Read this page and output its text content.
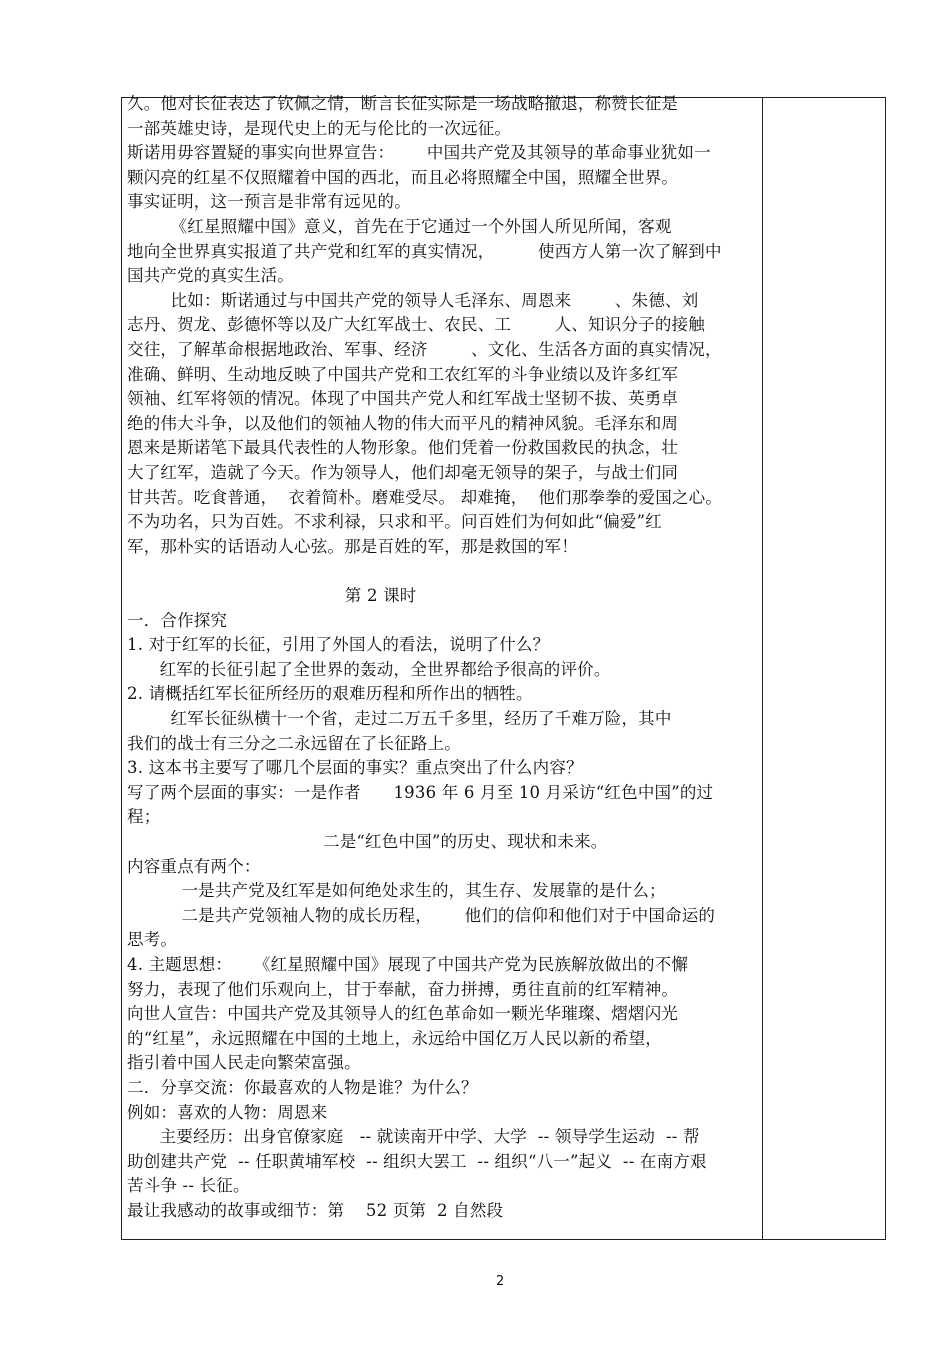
久。他对长征表达了钦佩之情，断言长征实际是一场战略撤退，称赞长征是
一部英雄史诗，是现代史上的无与伦比的一次远征。
斯诺用毋容置疑的事实向世界宣告：      中国共产党及其领导的革命事业犹如一
颗闪亮的红星不仅照耀着中国的西北，而且必将照耀全中国，照耀全世界。
事实证明，这一预言是非常有远见的。
《红星照耀中国》意义，首先在于它通过一个外国人所见所闻，客观
地向全世界真实报道了共产党和红军的真实情况，        使西方人第一次了解到中
国共产党的真实生活。
比如：斯诺通过与中国共产党的领导人毛泽东、周恩来        、朱德、刘
志丹、贺龙、彭德怀等以及广大红军战士、农民、工        人、知识分子的接触
交往，了解革命根据地政治、军事、经济        、文化、生活各方面的真实情况，
准确、鲜明、生动地反映了中国共产党和工农红军的斗争业绩以及许多红军
领袖、红军将领的情况。体现了中国共产党人和红军战士坚韧不拔、英勇卓
绝的伟大斗争，以及他们的领袖人物的伟大而平凡的精神风貌。毛泽东和周
恩来是斯诺笔下最具代表性的人物形象。他们凭着一份救国救民的执念，壮
大了红军，造就了今天。作为领导人，他们却毫无领导的架子，与战士们同
甘共苦。吃食普通，  衣着简朴。磨难受尽。 却难掩，  他们那拳拳的爱国之心。
不为功名，只为百姓。不求利禄，只求和平。问百姓们为何如此“偏爱”红
军，那朴实的话语动人心弦。那是百姓的军，那是救国的军！
第 2 课时
一．合作探究
1. 对于红军的长征，引用了外国人的看法，说明了什么？
红军的长征引起了全世界的轰动，全世界都给予很高的评价。
2. 请概括红军长征所经历的艰难历程和所作出的牺牲。
红军长征纵横十一个省，走过二万五千多里，经历了千难万险，其中
我们的战士有三分之二永远留在了长征路上。
3. 这本书主要写了哪几个层面的事实？重点突出了什么内容？
写了两个层面的事实：一是作者      1936 年 6 月至 10 月采访“红色中国”的过
程；
二是“红色中国”的历史、现状和未来。
内容重点有两个：
一是共产党及红军是如何绝处求生的，其生存、发展靠的是什么；
二是共产党领袖人物的成长历程，      他们的信仰和他们对于中国命运的
思考。
4. 主题思想：    《红星照耀中国》展现了中国共产党为民族解放做出的不懈
努力，表现了他们乐观向上，甘于奉献，奋力拼搏，勇往直前的红军精神。
向世人宣告：中国共产党及其领导人的红色革命如一颗光华璀璨、熠熠闪光
的“红星”，永远照耀在中国的土地上，永远给中国亿万人民以新的希望，
指引着中国人民走向繁荣富强。
二．分享交流：你最喜欢的人物是谁？为什么？
例如：喜欢的人物：周恩来
主要经历：出身官僚家庭   -- 就读南开中学、大学  -- 领导学生运动  -- 帮
助创建共产党  -- 任职黄埔军校  -- 组织大罢工  -- 组织“八一”起义  -- 在南方艰
苦斗争 -- 长征。
最让我感动的故事或细节：第    52 页第  2 自然段
2
